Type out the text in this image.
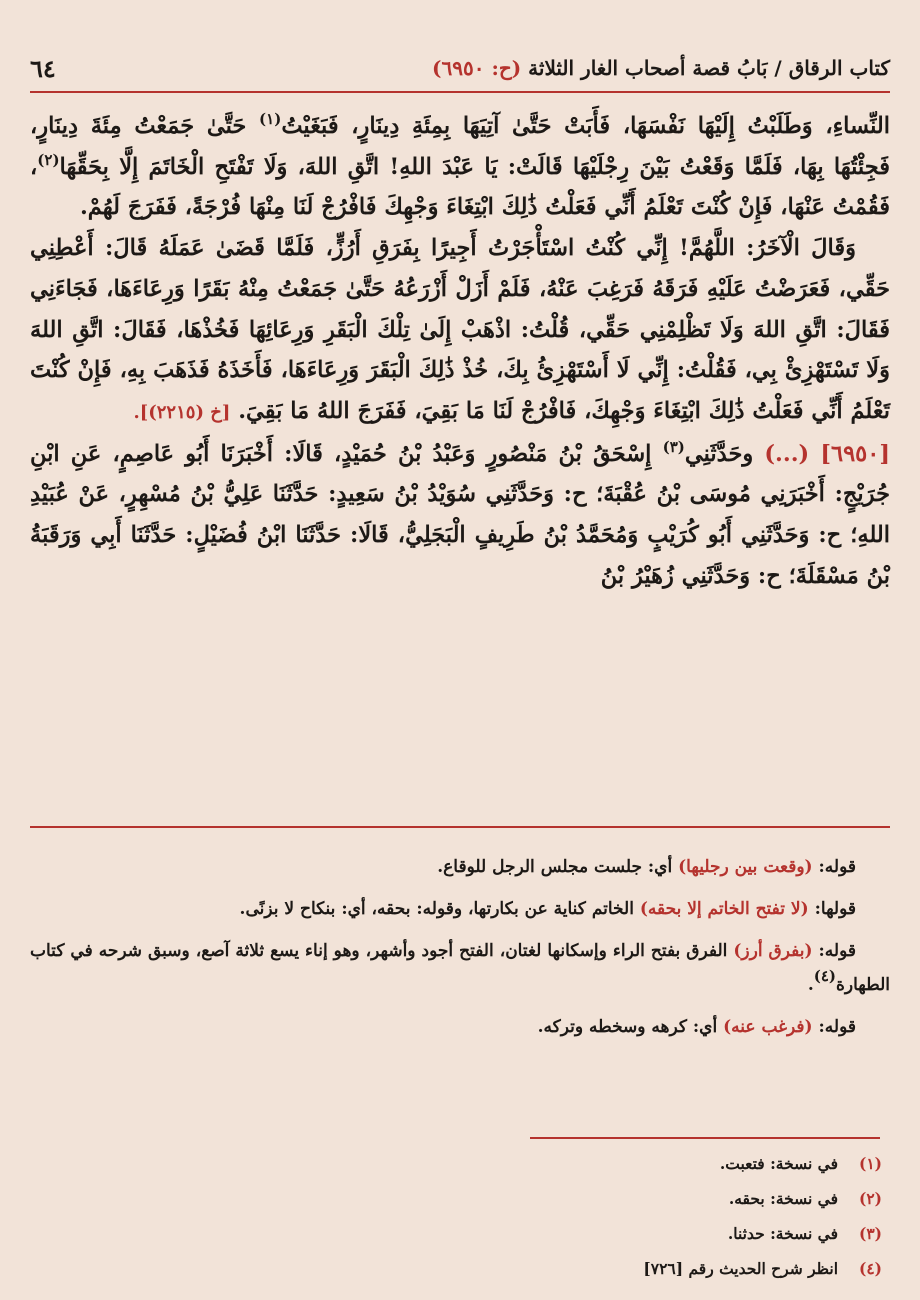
٦٤	كتاب الرقاق / بَابُ قصة أصحاب الغار الثلاثة (ح: ٦٩٥٠)

النِّساءِ، وَطَلَبْتُ إِلَيْهَا نَفْسَهَا، فَأَبَتْ حَتَّىٰ آتِيَهَا بِمِئَةِ دِينَارٍ، فَبَغَيْتُ$^{(١)}$ حَتَّىٰ جَمَعْتُ مِئَةَ دِينَارٍ، فَجِئْتُهَا بِهَا، فَلَمَّا وَقَعْتُ بَيْنَ رِجْلَيْهَا قَالَتْ: يَا عَبْدَ اللهِ! اتَّقِ اللهَ، وَلَا تَفْتَحِ الْخَاتَمَ إِلَّا بِحَقِّهَا$^{(٢)}$، فَقُمْتُ عَنْهَا، فَإِنْ كُنْتَ تَعْلَمُ أَنِّي فَعَلْتُ ذَٰلِكَ ابْتِغَاءَ وَجْهِكَ فَافْرُجْ لَنَا مِنْهَا فُرْجَةً، فَفَرَجَ لَهُمْ.

وَقَالَ الْآخَرُ: اللَّهُمَّ! إِنِّي كُنْتُ اسْتَأْجَرْتُ أَجِيرًا بِفَرَقِ أَرُزٍّ، فَلَمَّا قَضَىٰ عَمَلَهُ قَالَ: أَعْطِنِي حَقِّي، فَعَرَضْتُ عَلَيْهِ فَرَقَهُ فَرَغِبَ عَنْهُ، فَلَمْ أَزَلْ أَزْرَعُهُ حَتَّىٰ جَمَعْتُ مِنْهُ بَقَرًا وَرِعَاءَهَا، فَجَاءَنِي فَقَالَ: اتَّقِ اللهَ وَلَا تَظْلِمْنِي حَقِّي، قُلْتُ: اذْهَبْ إِلَىٰ تِلْكَ الْبَقَرِ وَرِعَائِهَا فَخُذْهَا، فَقَالَ: اتَّقِ اللهَ وَلَا تَسْتَهْزِئْ بِي، فَقُلْتُ: إِنِّي لَا أَسْتَهْزِئُ بِكَ، خُذْ ذَٰلِكَ الْبَقَرَ وَرِعَاءَهَا، فَأَخَذَهُ فَذَهَبَ بِهِ، فَإِنْ كُنْتَ تَعْلَمُ أَنِّي فَعَلْتُ ذَٰلِكَ ابْتِغَاءَ وَجْهِكَ، فَافْرُجْ لَنَا مَا بَقِيَ، فَفَرَجَ اللهُ مَا بَقِيَ. [خ (٢٢١٥)].

[٦٩٥٠] (...) وحَدَّثَنِي$^{(٣)}$ إِسْحَقُ بْنُ مَنْصُورٍ وَعَبْدُ بْنُ حُمَيْدٍ، قَالَا: أَخْبَرَنَا أَبُو عَاصِمٍ، عَنِ ابْنِ جُرَيْجٍ: أَخْبَرَنِي مُوسَى بْنُ عُقْبَةَ؛ ح: وَحَدَّثَنِي سُوَيْدُ بْنُ سَعِيدٍ: حَدَّثَنَا عَلِيُّ بْنُ مُسْهِرٍ، عَنْ عُبَيْدِ اللهِ؛ ح: وَحَدَّثَنِي أَبُو كُرَيْبٍ وَمُحَمَّدُ بْنُ طَرِيفٍ الْبَجَلِيُّ، قَالَا: حَدَّثَنَا ابْنُ فُضَيْلٍ: حَدَّثَنَا أَبِي وَرَقَبَةُ بْنُ مَسْقَلَةَ؛ ح: وَحَدَّثَنِي زُهَيْرُ بْنُ

قوله: (وقعت بين رجليها) أي: جلست مجلس الرجل للوقاع.

قولها: (لا تفتح الخاتم إلا بحقه) الخاتم كناية عن بكارتها، وقوله: بحقه، أي: بنكاح لا بزنًى.

قوله: (بفرق أرز) الفرق بفتح الراء وإسكانها لغتان، الفتح أجود وأشهر، وهو إناء يسع ثلاثة آصع، وسبق شرحه في كتاب الطهارة(٤).

قوله: (فرغب عنه) أي: كرهه وسخطه وتركه.

(١)
في نسخة: فتعبت.
(٢)
في نسخة: بحقه.
(٣)
في نسخة: حدثنا.
(٤)
انظر شرح الحديث رقم [٧٢٦]
